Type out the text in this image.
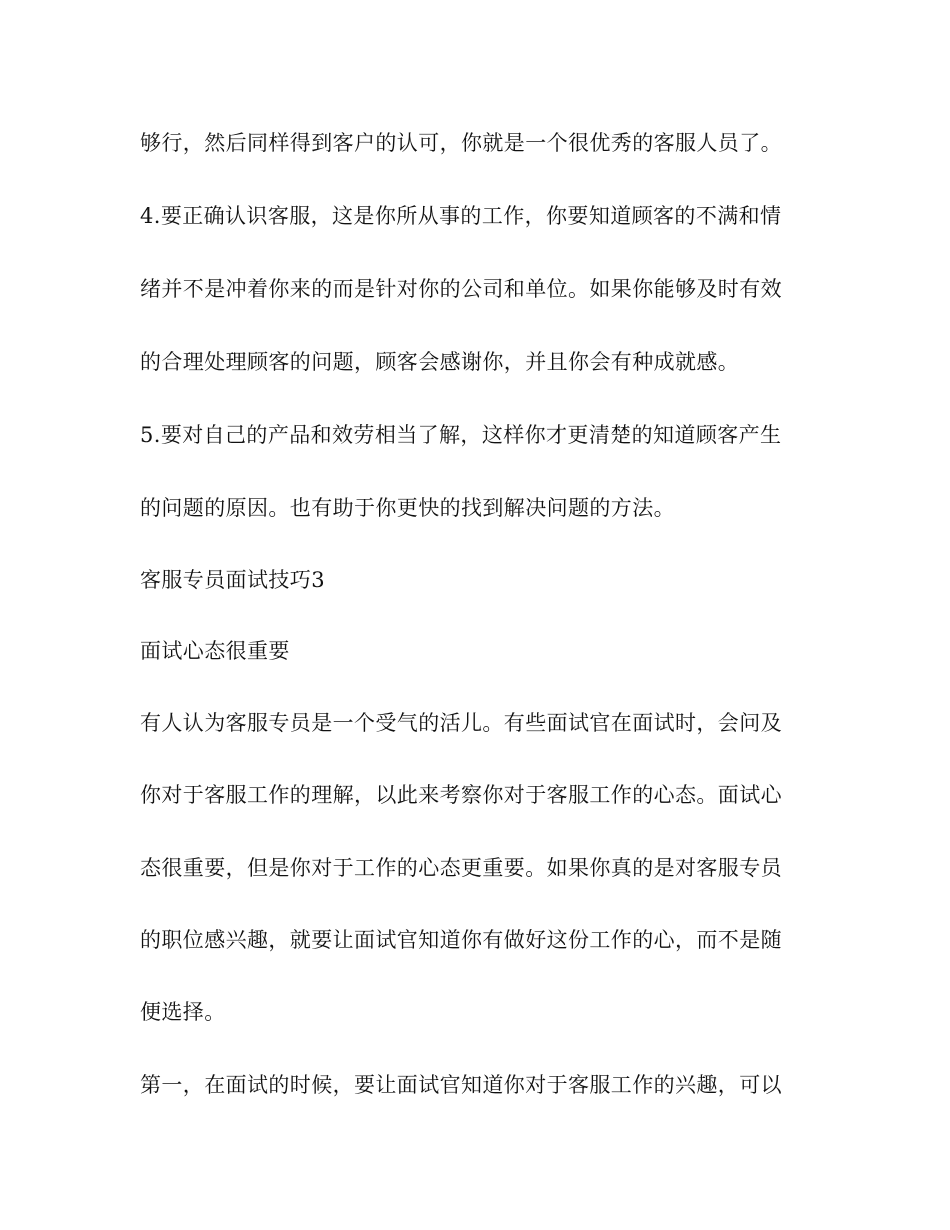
够行，然后同样得到客户的认可，你就是一个很优秀的客服人员了。
4.要正确认识客服，这是你所从事的工作，你要知道顾客的不满和情
绪并不是冲着你来的而是针对你的公司和单位。如果你能够及时有效
的合理处理顾客的问题，顾客会感谢你，并且你会有种成就感。
5.要对自己的产品和效劳相当了解，这样你才更清楚的知道顾客产生
的问题的原因。也有助于你更快的找到解决问题的方法。
客服专员面试技巧3
面试心态很重要
有人认为客服专员是一个受气的活儿。有些面试官在面试时，会问及
你对于客服工作的理解，以此来考察你对于客服工作的心态。面试心
态很重要，但是你对于工作的心态更重要。如果你真的是对客服专员
的职位感兴趣，就要让面试官知道你有做好这份工作的心，而不是随
便选择。
第一，在面试的时候，要让面试官知道你对于客服工作的兴趣，可以
